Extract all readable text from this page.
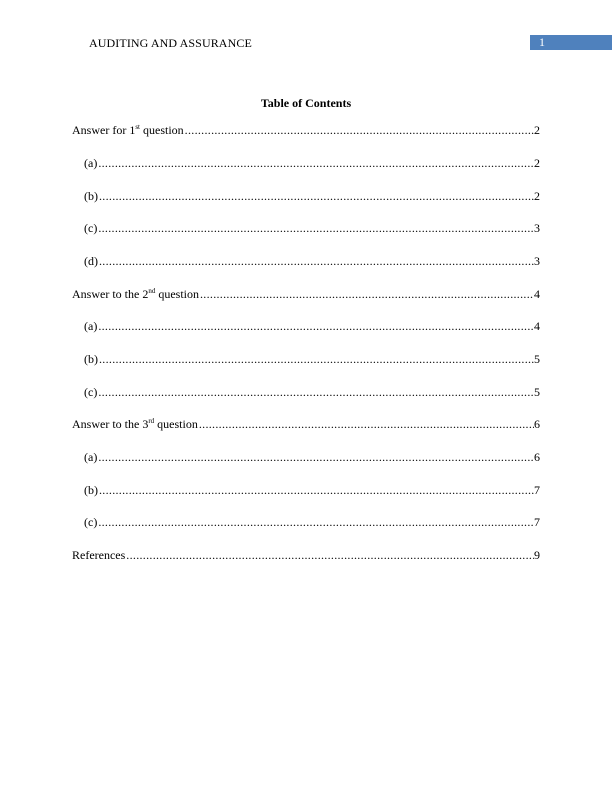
AUDITING AND ASSURANCE	1
Table of Contents
Answer for 1st question .....	2
(a) .....	2
(b) .....	2
(c) .....	3
(d) .....	3
Answer to the 2nd question .....	4
(a) .....	4
(b) .....	5
(c) .....	5
Answer to the 3rd question .....	6
(a) .....	6
(b) .....	7
(c) .....	7
References .....	9
